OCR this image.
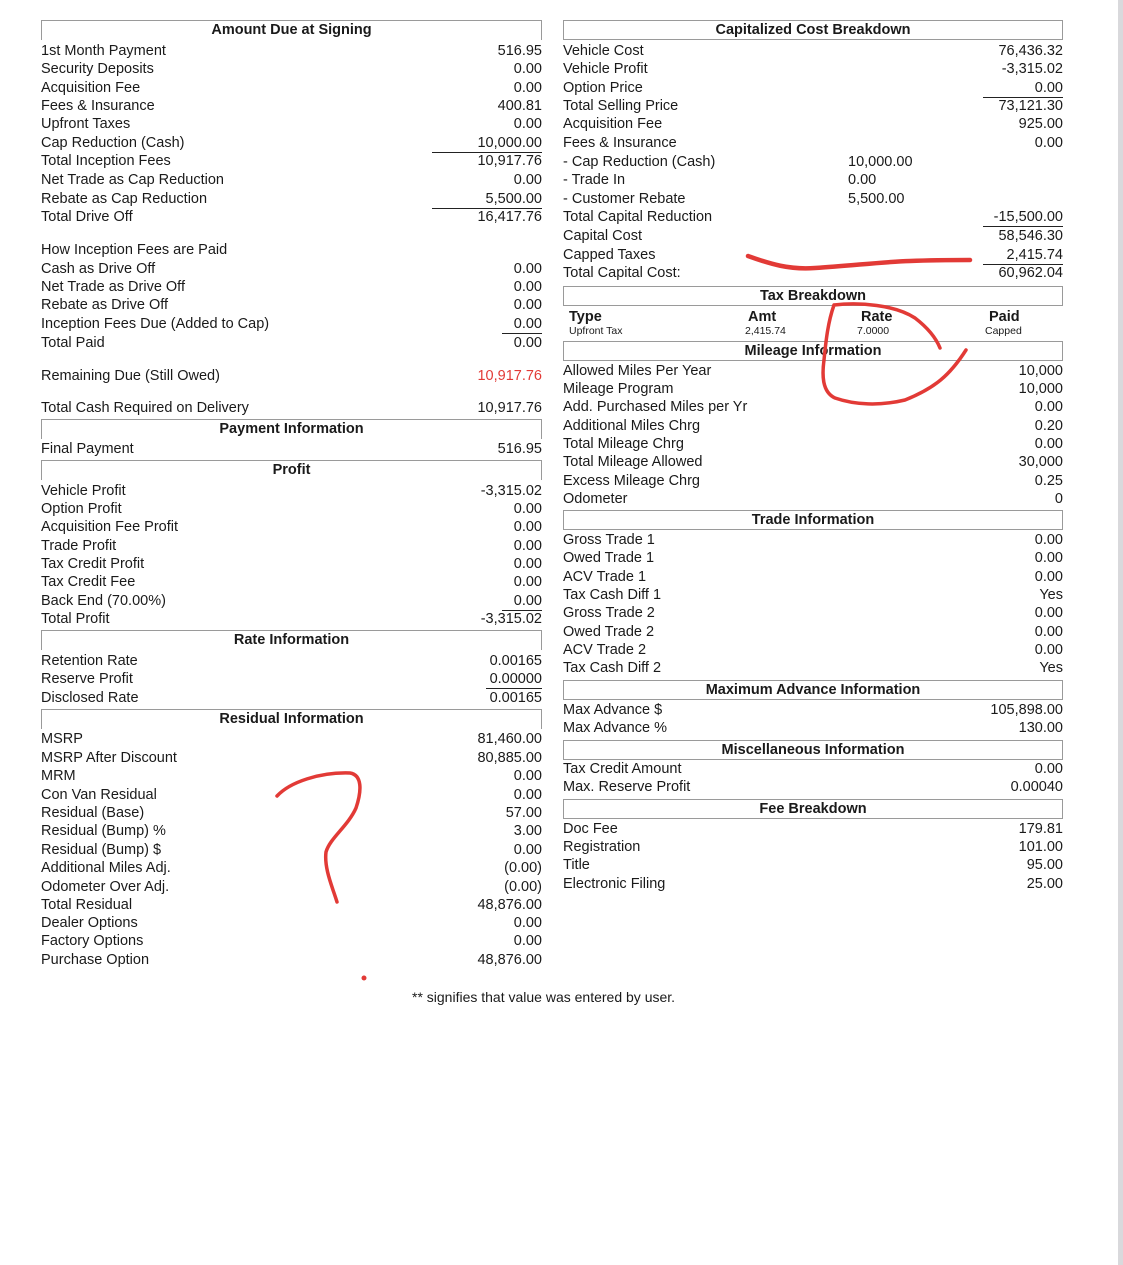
Amount Due at Signing
1st Month Payment	516.95
Security Deposits	0.00
Acquisition Fee	0.00
Fees & Insurance	400.81
Upfront Taxes	0.00
Cap Reduction (Cash)	10,000.00
Total Inception Fees	10,917.76
Net Trade as Cap Reduction	0.00
Rebate as Cap Reduction	5,500.00
Total Drive Off	16,417.76
How Inception Fees are Paid
Cash as Drive Off	0.00
Net Trade as Drive Off	0.00
Rebate as Drive Off	0.00
Inception Fees Due (Added to Cap)	0.00
Total Paid	0.00
Remaining Due (Still Owed)	10,917.76
Total Cash Required on Delivery	10,917.76
Payment Information
Final Payment	516.95
Profit
Vehicle Profit	-3,315.02
Option Profit	0.00
Acquisition Fee Profit	0.00
Trade Profit	0.00
Tax Credit Profit	0.00
Tax Credit Fee	0.00
Back End (70.00%)	0.00
Total Profit	-3,315.02
Rate Information
Retention Rate	0.00165
Reserve Profit	0.00000
Disclosed Rate	0.00165
Residual Information
MSRP	81,460.00
MSRP After Discount	80,885.00
MRM	0.00
Con Van Residual	0.00
Residual (Base)	57.00
Residual (Bump) %	3.00
Residual (Bump) $	0.00
Additional Miles Adj.	(0.00)
Odometer Over Adj.	(0.00)
Total Residual	48,876.00
Dealer Options	0.00
Factory Options	0.00
Purchase Option	48,876.00
Capitalized Cost Breakdown
Vehicle Cost	76,436.32
Vehicle Profit	-3,315.02
Option Price	0.00
Total Selling Price	73,121.30
Acquisition Fee	925.00
Fees & Insurance	0.00
- Cap Reduction (Cash)	10,000.00
- Trade In	0.00
- Customer Rebate	5,500.00
Total Capital Reduction	-15,500.00
Capital Cost	58,546.30
Capped Taxes	2,415.74
Total Capital Cost:	60,962.04
Tax Breakdown
Type	Amt	Rate	Paid
Upfront Tax	2,415.74	7.0000	Capped
Mileage Information
Allowed Miles Per Year	10,000
Mileage Program	10,000
Add. Purchased Miles per Yr	0.00
Additional Miles Chrg	0.20
Total Mileage Chrg	0.00
Total Mileage Allowed	30,000
Excess Mileage Chrg	0.25
Odometer	0
Trade Information
Gross Trade 1	0.00
Owed Trade 1	0.00
ACV Trade 1	0.00
Tax Cash Diff 1	Yes
Gross Trade 2	0.00
Owed Trade 2	0.00
ACV Trade 2	0.00
Tax Cash Diff 2	Yes
Maximum Advance Information
Max Advance $	105,898.00
Max Advance %	130.00
Miscellaneous Information
Tax Credit Amount	0.00
Max. Reserve Profit	0.00040
Fee Breakdown
Doc Fee	179.81
Registration	101.00
Title	95.00
Electronic Filing	25.00
** signifies that value was entered by user.
